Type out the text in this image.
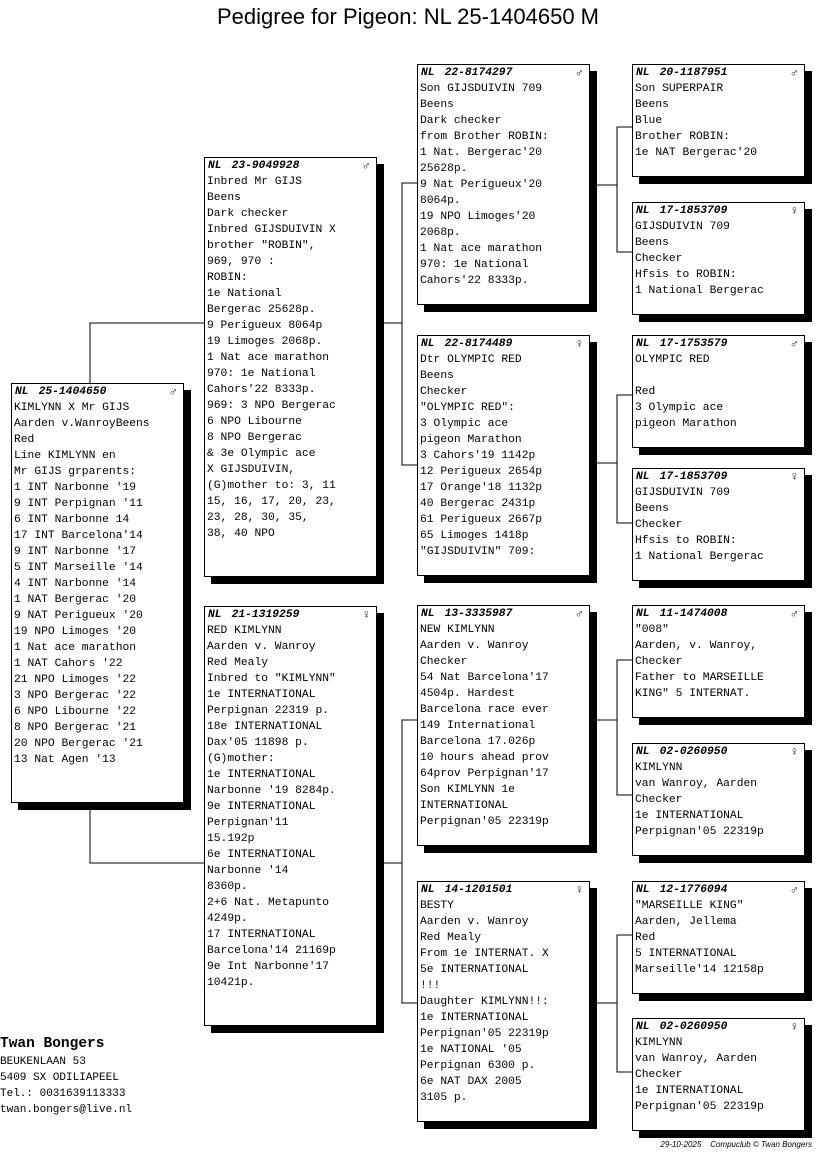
Pedigree for Pigeon: NL 25-1404650 M
NL 25-1404650	♂
KIMLYNN X Mr GIJS
Aarden v.WanroyBeens
Red
Line KIMLYNN en
Mr GIJS grparents:
1 INT Narbonne '19
9 INT Perpignan '11
6 INT Narbonne 14
17 INT Barcelona'14
9 INT Narbonne '17
5 INT Marseille '14
4 INT Narbonne '14
1 NAT Bergerac '20
9 NAT Perigueux '20
19 NPO Limoges '20
1 Nat ace marathon
1 NAT Cahors '22
21 NPO Limoges '22
3 NPO Bergerac '22
6 NPO Libourne '22
8 NPO Bergerac '21
20 NPO Bergerac '21
13 Nat Agen '13
NL 23-9049928	♂
Inbred Mr GIJS
Beens
Dark checker
Inbred GIJSDUIVIN X
brother "ROBIN",
969, 970 :
ROBIN:
1e National
Bergerac 25628p.
9 Perigueux 8064p
19 Limoges 2068p.
1 Nat ace marathon
970: 1e National
Cahors'22 8333p.
969: 3 NPO Bergerac
6 NPO Libourne
8 NPO Bergerac
& 3e Olympic ace
X GIJSDUIVIN,
(G)mother to: 3, 11
15, 16, 17, 20, 23,
23, 28, 30, 35,
38, 40 NPO
NL 21-1319259	♀
RED KIMLYNN
Aarden v. Wanroy
Red Mealy
Inbred to "KIMLYNN"
1e INTERNATIONAL
Perpignan 22319 p.
18e INTERNATIONAL
Dax'05 11898 p.
(G)mother:
1e INTERNATIONAL
Narbonne '19 8284p.
9e INTERNATIONAL
Perpignan'11
15.192p
6e INTERNATIONAL
Narbonne '14
8360p.
2+6 Nat. Metapunto
4249p.
17 INTERNATIONAL
Barcelona'14 21169p
9e Int Narbonne'17
10421p.
NL 22-8174297	♂
Son GIJSDUIVIN 709
Beens
Dark checker
from Brother ROBIN:
1 Nat. Bergerac'20
25628p.
9 Nat Perigueux'20
8064p.
19 NPO Limoges'20
2068p.
1 Nat ace marathon
970: 1e National
Cahors'22 8333p.
NL 22-8174489	♀
Dtr OLYMPIC RED
Beens
Checker
"OLYMPIC RED":
3 Olympic ace
pigeon Marathon
3 Cahors'19 1142p
12 Perigueux 2654p
17 Orange'18 1132p
40 Bergerac 2431p
61 Perigueux 2667p
65 Limoges 1418p
"GIJSDUIVIN" 709:
NL 13-3335987	♂
NEW KIMLYNN
Aarden v. Wanroy
Checker
54 Nat Barcelona'17
4504p. Hardest
Barcelona race ever
149 International
Barcelona 17.026p
10 hours ahead prov
64prov Perpignan'17
Son KIMLYNN 1e
INTERNATIONAL
Perpignan'05 22319p
NL 14-1201501	♀
BESTY
Aarden v. Wanroy
Red Mealy
From 1e INTERNAT. X
5e INTERNATIONAL
!!!
Daughter KIMLYNN!!:
1e INTERNATIONAL
Perpignan'05 22319p
1e NATIONAL '05
Perpignan 6300 p.
6e NAT DAX 2005
3105 p.
NL 20-1187951	♂
Son SUPERPAIR
Beens
Blue
Brother ROBIN:
1e NAT Bergerac'20
NL 17-1853709	♀
GIJSDUIVIN 709
Beens
Checker
Hfsis to ROBIN:
1 National Bergerac
NL 17-1753579	♂
OLYMPIC RED
Red
3 Olympic ace
pigeon Marathon
NL 17-1853709	♀
GIJSDUIVIN 709
Beens
Checker
Hfsis to ROBIN:
1 National Bergerac
NL 11-1474008	♂
"008"
Aarden, v. Wanroy,
Checker
Father to MARSEILLE
KING" 5 INTERNAT.
NL 02-0260950	♀
KIMLYNN
van Wanroy, Aarden
Checker
1e INTERNATIONAL
Perpignan'05 22319p
NL 12-1776094	♂
"MARSEILLE KING"
Aarden, Jellema
Red
5 INTERNATIONAL
Marseille'14 12158p
NL 02-0260950	♀
KIMLYNN
van Wanroy, Aarden
Checker
1e INTERNATIONAL
Perpignan'05 22319p
Twan Bongers
BEUKENLAAN 53
5409 SX ODILIAPEEL
Tel.: 0031639113333
twan.bongers@live.nl
29-10-2025 Compuclub © Twan Bongers
